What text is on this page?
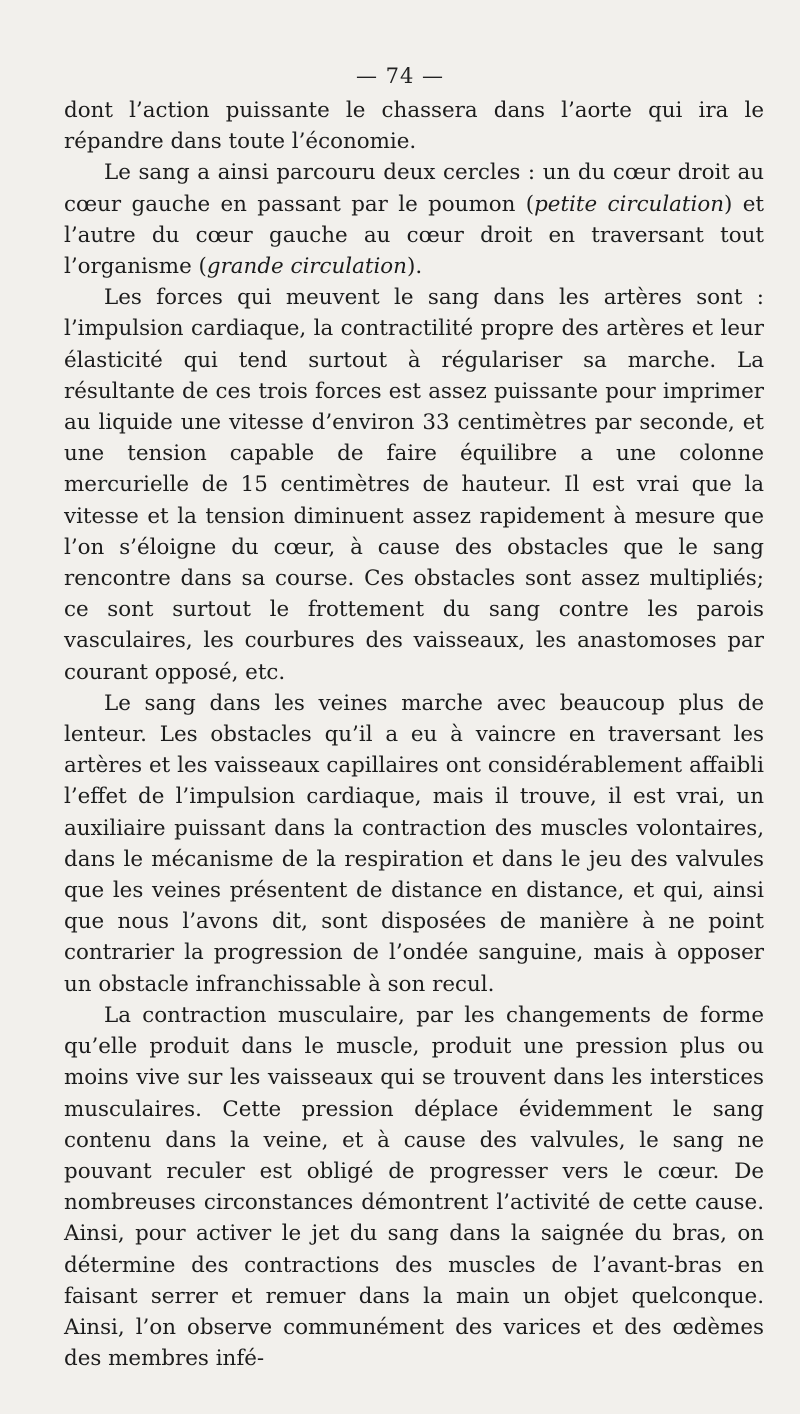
— 74 —

dont l’action puissante le chassera dans l’aorte qui ira le répandre dans toute l’économie.

Le sang a ainsi parcouru deux cercles : un du cœur droit au cœur gauche en passant par le poumon (petite circulation) et l’autre du cœur gauche au cœur droit en traversant tout l’organisme (grande circulation).

Les forces qui meuvent le sang dans les artères sont : l’impulsion cardiaque, la contractilité propre des artères et leur élasticité qui tend surtout à régulariser sa marche. La résultante de ces trois forces est assez puissante pour imprimer au liquide une vitesse d’environ 33 centimètres par seconde, et une tension capable de faire équilibre a une colonne mercurielle de 15 centimètres de hauteur. Il est vrai que la vitesse et la tension diminuent assez rapidement à mesure que l’on s’éloigne du cœur, à cause des obstacles que le sang rencontre dans sa course. Ces obstacles sont assez multipliés; ce sont surtout le frottement du sang contre les parois vasculaires, les courbures des vaisseaux, les anastomoses par courant opposé, etc.

Le sang dans les veines marche avec beaucoup plus de lenteur. Les obstacles qu’il a eu à vaincre en traversant les artères et les vaisseaux capillaires ont considérablement affaibli l’effet de l’impulsion cardiaque, mais il trouve, il est vrai, un auxiliaire puissant dans la contraction des muscles volontaires, dans le mécanisme de la respiration et dans le jeu des valvules que les veines présentent de distance en distance, et qui, ainsi que nous l’avons dit, sont disposées de manière à ne point contrarier la progression de l’ondée sanguine, mais à opposer un obstacle infranchissable à son recul.

La contraction musculaire, par les changements de forme qu’elle produit dans le muscle, produit une pression plus ou moins vive sur les vaisseaux qui se trouvent dans les interstices musculaires. Cette pression déplace évidemment le sang contenu dans la veine, et à cause des valvules, le sang ne pouvant reculer est obligé de progresser vers le cœur. De nombreuses circonstances démontrent l’activité de cette cause. Ainsi, pour activer le jet du sang dans la saignée du bras, on détermine des contractions des muscles de l’avant-bras en faisant serrer et remuer dans la main un objet quelconque. Ainsi, l’on observe communément des varices et des œdèmes des membres infé-
